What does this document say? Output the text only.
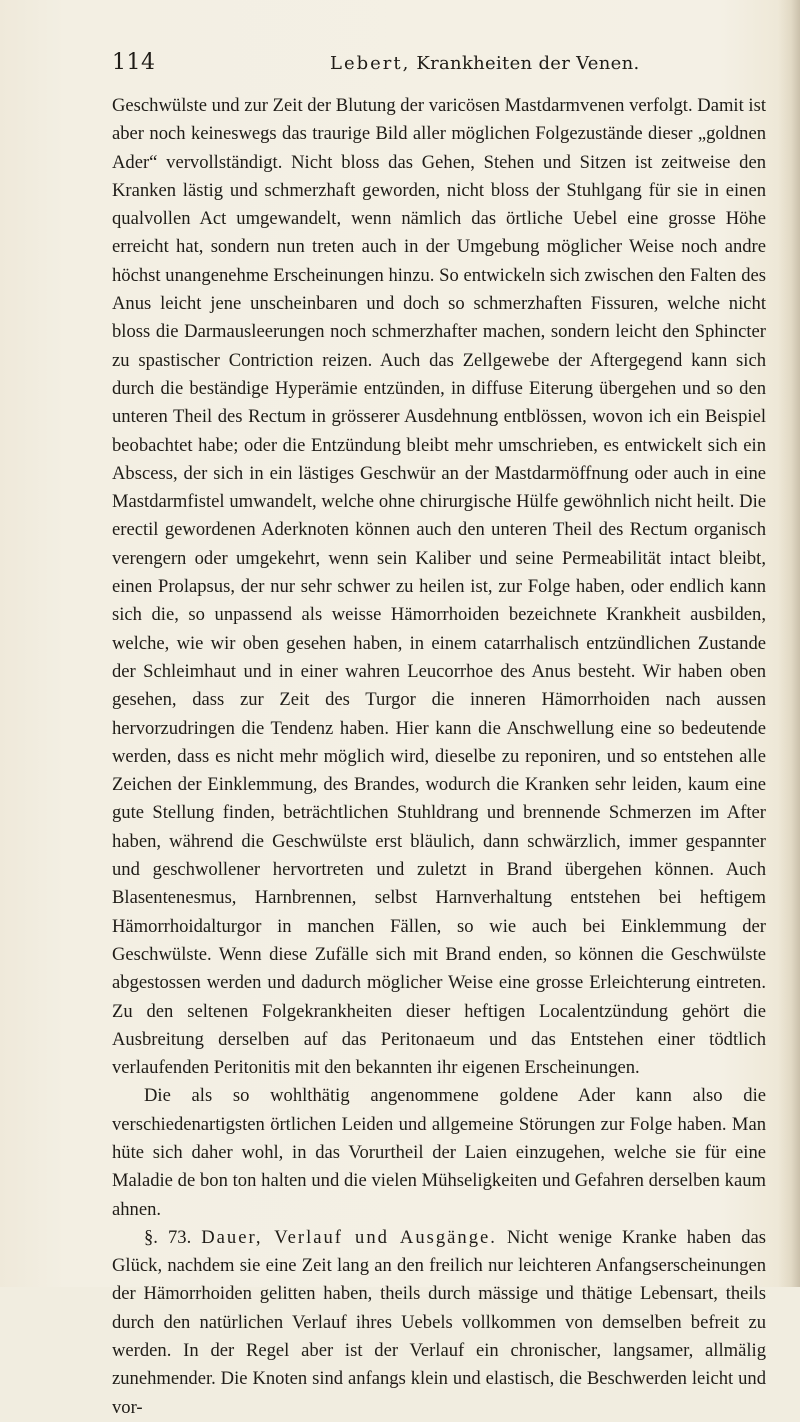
114	Lebert, Krankheiten der Venen.

Geschwülste und zur Zeit der Blutung der varicösen Mastdarmvenen verfolgt. Damit ist aber noch keineswegs das traurige Bild aller möglichen Folgezustände dieser „goldnen Ader“ vervollständigt. Nicht bloss das Gehen, Stehen und Sitzen ist zeitweise den Kranken lästig und schmerzhaft geworden, nicht bloss der Stuhlgang für sie in einen qualvollen Act umgewandelt, wenn nämlich das örtliche Uebel eine grosse Höhe erreicht hat, sondern nun treten auch in der Umgebung möglicher Weise noch andre höchst unangenehme Erscheinungen hinzu. So entwickeln sich zwischen den Falten des Anus leicht jene unscheinbaren und doch so schmerzhaften Fissuren, welche nicht bloss die Darmausleerungen noch schmerzhafter machen, sondern leicht den Sphincter zu spastischer Contriction reizen. Auch das Zellgewebe der Aftergegend kann sich durch die beständige Hyperämie entzünden, in diffuse Eiterung übergehen und so den unteren Theil des Rectum in grösserer Ausdehnung entblössen, wovon ich ein Beispiel beobachtet habe; oder die Entzündung bleibt mehr umschrieben, es entwickelt sich ein Abscess, der sich in ein lästiges Geschwür an der Mastdarmöffnung oder auch in eine Mastdarmfistel umwandelt, welche ohne chirurgische Hülfe gewöhnlich nicht heilt. Die erectil gewordenen Aderknoten können auch den unteren Theil des Rectum organisch verengern oder umgekehrt, wenn sein Kaliber und seine Permeabilität intact bleibt, einen Prolapsus, der nur sehr schwer zu heilen ist, zur Folge haben, oder endlich kann sich die, so unpassend als weisse Hämorrhoiden bezeichnete Krankheit ausbilden, welche, wie wir oben gesehen haben, in einem catarrhalisch entzündlichen Zustande der Schleimhaut und in einer wahren Leucorrhoe des Anus besteht. Wir haben oben gesehen, dass zur Zeit des Turgor die inneren Hämorrhoiden nach aussen hervorzudringen die Tendenz haben. Hier kann die Anschwellung eine so bedeutende werden, dass es nicht mehr möglich wird, dieselbe zu reponiren, und so entstehen alle Zeichen der Einklemmung, des Brandes, wodurch die Kranken sehr leiden, kaum eine gute Stellung finden, beträchtlichen Stuhldrang und brennende Schmerzen im After haben, während die Geschwülste erst bläulich, dann schwärzlich, immer gespannter und geschwollener hervortreten und zuletzt in Brand übergehen können. Auch Blasentenesmus, Harnbrennen, selbst Harnverhaltung entstehen bei heftigem Hämorrhoidalturgor in manchen Fällen, so wie auch bei Einklemmung der Geschwülste. Wenn diese Zufälle sich mit Brand enden, so können die Geschwülste abgestossen werden und dadurch möglicher Weise eine grosse Erleichterung eintreten. Zu den seltenen Folgekrankheiten dieser heftigen Localentzündung gehört die Ausbreitung derselben auf das Peritonaeum und das Entstehen einer tödtlich verlaufenden Peritonitis mit den bekannten ihr eigenen Erscheinungen.

Die als so wohlthätig angenommene goldene Ader kann also die verschiedenartigsten örtlichen Leiden und allgemeine Störungen zur Folge haben. Man hüte sich daher wohl, in das Vorurtheil der Laien einzugehen, welche sie für eine Maladie de bon ton halten und die vielen Mühseligkeiten und Gefahren derselben kaum ahnen.

§. 73. Dauer, Verlauf und Ausgänge. Nicht wenige Kranke haben das Glück, nachdem sie eine Zeit lang an den freilich nur leichteren Anfangserscheinungen der Hämorrhoiden gelitten haben, theils durch mässige und thätige Lebensart, theils durch den natürlichen Verlauf ihres Uebels vollkommen von demselben befreit zu werden. In der Regel aber ist der Verlauf ein chronischer, langsamer, allmälig zunehmender. Die Knoten sind anfangs klein und elastisch, die Beschwerden leicht und vor-
